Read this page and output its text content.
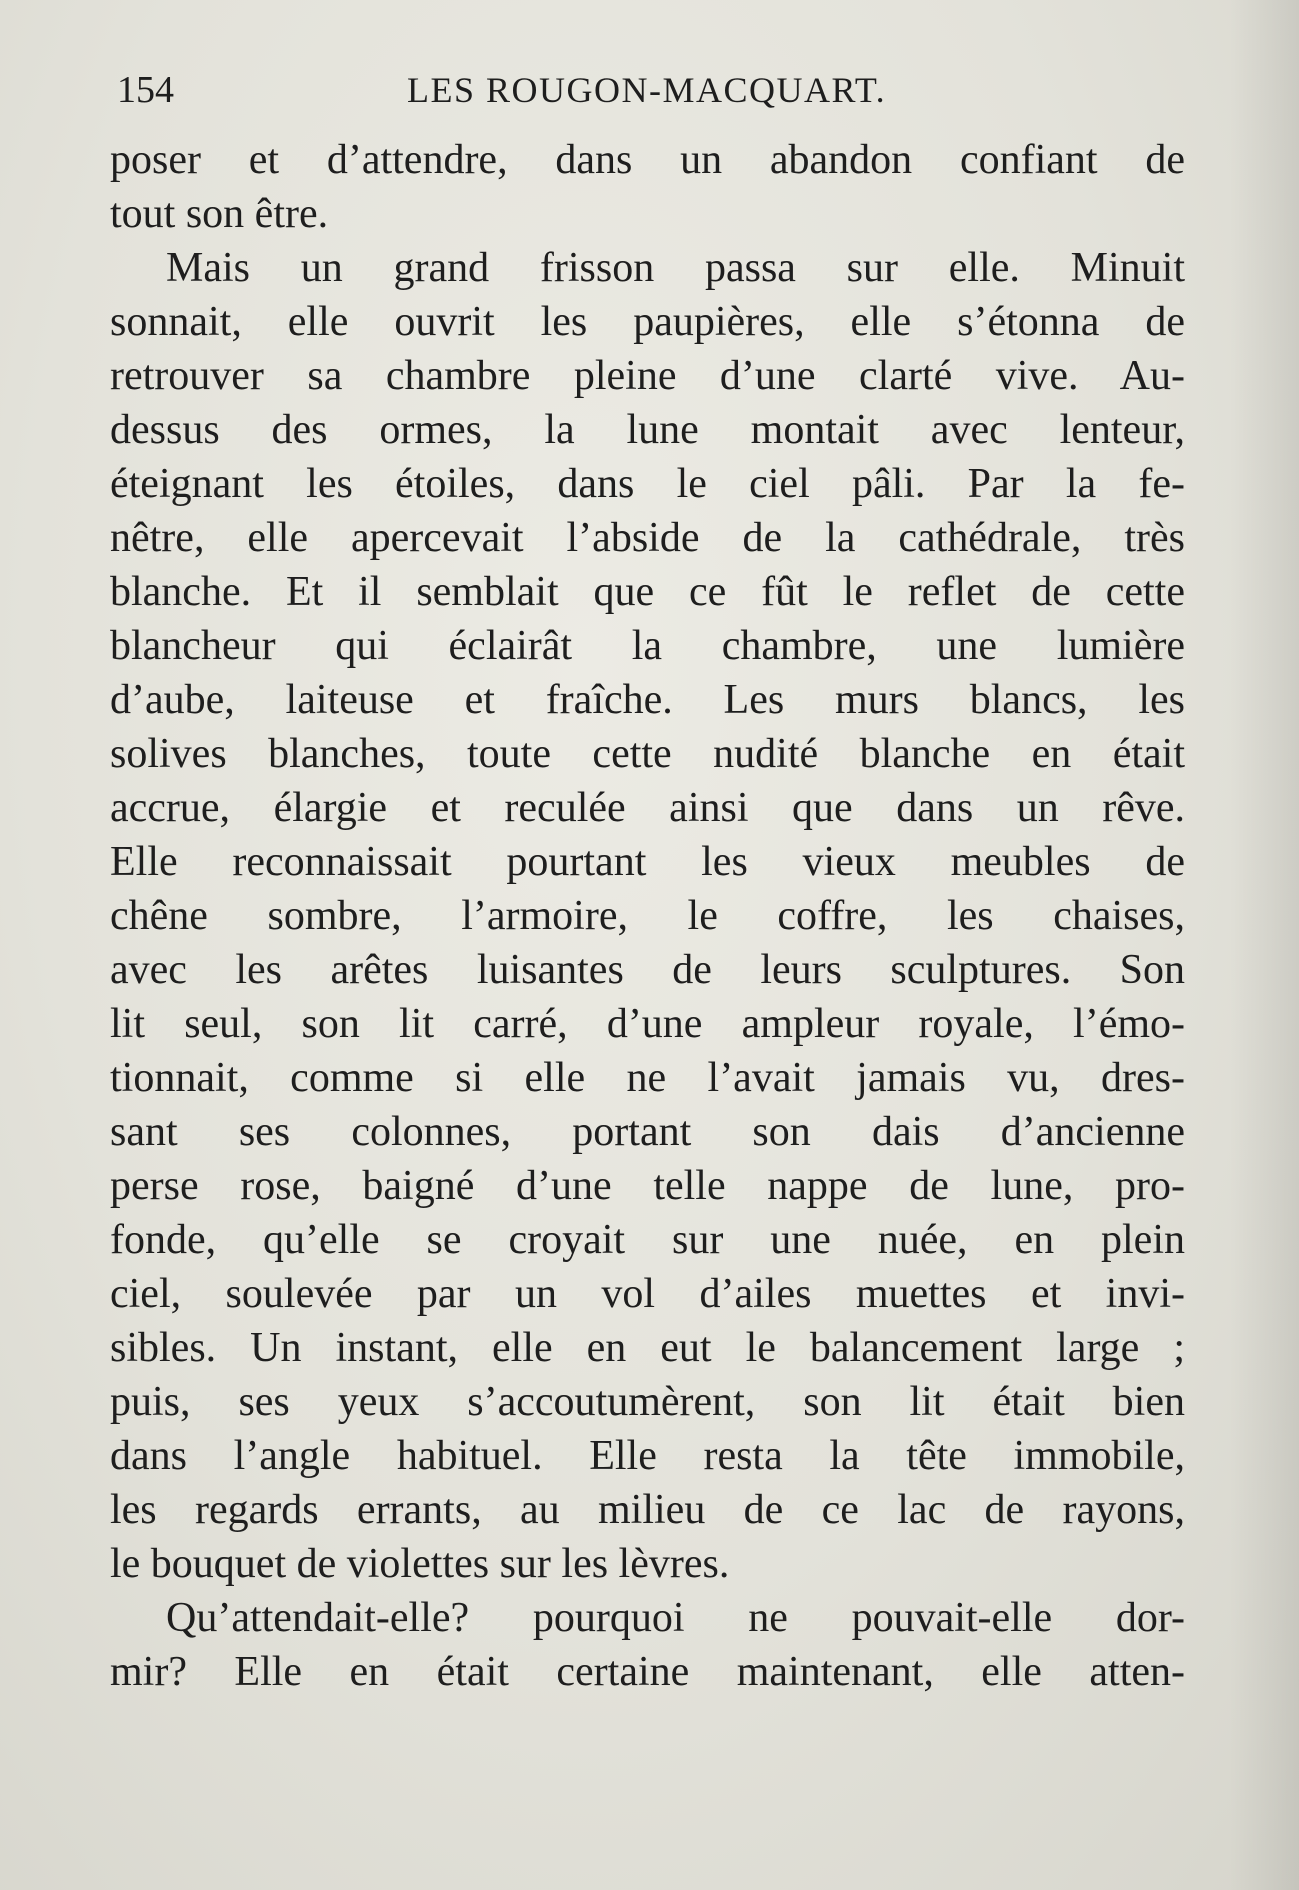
154	LES ROUGON-MACQUART.
poser et d’attendre, dans un abandon confiant de
tout son être.
Mais un grand frisson passa sur elle. Minuit
sonnait, elle ouvrit les paupières, elle s’étonna de
retrouver sa chambre pleine d’une clarté vive. Au-
dessus des ormes, la lune montait avec lenteur,
éteignant les étoiles, dans le ciel pâli. Par la fe-
nêtre, elle apercevait l’abside de la cathédrale, très
blanche. Et il semblait que ce fût le reflet de cette
blancheur qui éclairât la chambre, une lumière
d’aube, laiteuse et fraîche. Les murs blancs, les
solives blanches, toute cette nudité blanche en était
accrue, élargie et reculée ainsi que dans un rêve.
Elle reconnaissait pourtant les vieux meubles de
chêne sombre, l’armoire, le coffre, les chaises,
avec les arêtes luisantes de leurs sculptures. Son
lit seul, son lit carré, d’une ampleur royale, l’émo-
tionnait, comme si elle ne l’avait jamais vu, dres-
sant ses colonnes, portant son dais d’ancienne
perse rose, baigné d’une telle nappe de lune, pro-
fonde, qu’elle se croyait sur une nuée, en plein
ciel, soulevée par un vol d’ailes muettes et invi-
sibles. Un instant, elle en eut le balancement large ;
puis, ses yeux s’accoutumèrent, son lit était bien
dans l’angle habituel. Elle resta la tête immobile,
les regards errants, au milieu de ce lac de rayons,
le bouquet de violettes sur les lèvres.
Qu’attendait-elle? pourquoi ne pouvait-elle dor-
mir? Elle en était certaine maintenant, elle atten-
